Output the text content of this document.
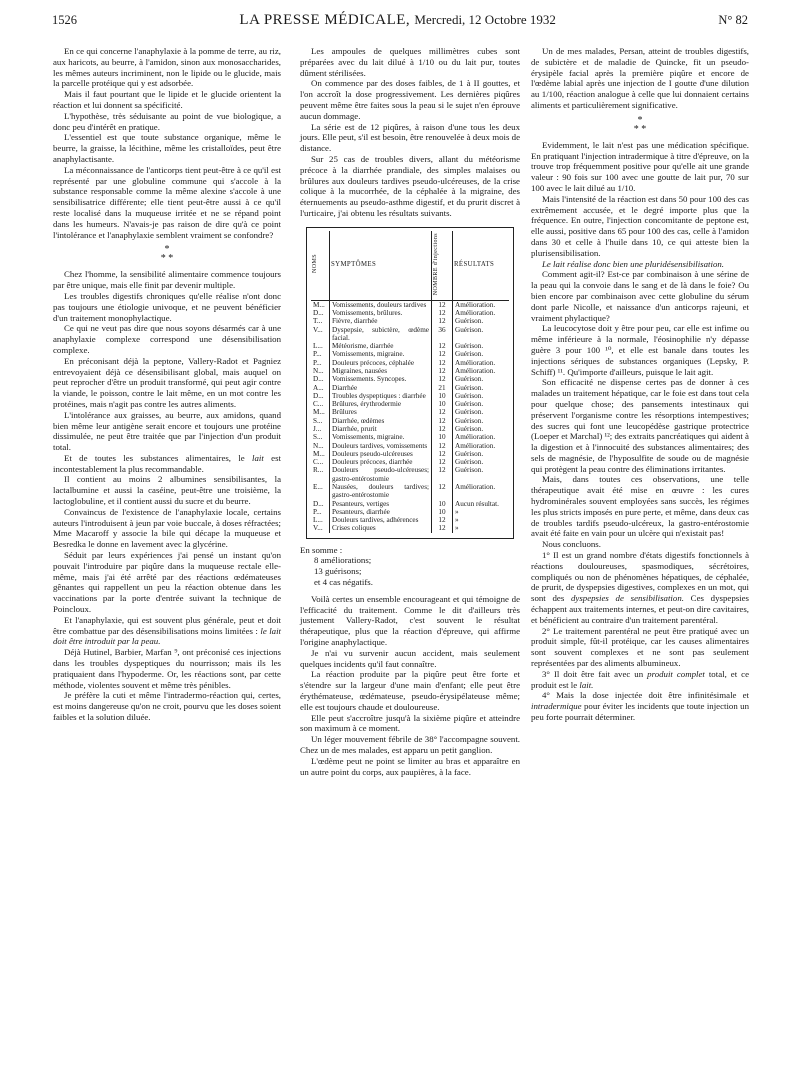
1526	LA PRESSE MÉDICALE, Mercredi, 12 Octobre 1932	N° 82

En ce qui concerne l'anaphylaxie à la pomme de terre, au riz, aux haricots, au beurre, à l'amidon, sinon aux monosaccharides, les mêmes auteurs incriminent, non le lipide ou le glucide, mais la parcelle protéique qui y est adsorbée.

Mais il faut pourtant que le lipide et le glucide orientent la réaction et lui donnent sa spécificité.

L'hypothèse, très séduisante au point de vue biologique, a donc peu d'intérêt en pratique.

L'essentiel est que toute substance organique, même le beurre, la graisse, la lécithine, même les cristalloïdes, peut être anaphylactisante.

La méconnaissance de l'anticorps tient peut-être à ce qu'il est représenté par une globuline commune qui s'accole à la substance responsable comme la même alexine s'accole à une sensibilisatrice différente; elle tient peut-être aussi à ce qu'il reste localisé dans la muqueuse irritée et ne se répand point dans les humeurs. N'avais-je pas raison de dire qu'à ce point l'intolérance et l'anaphylaxie semblent vraiment se confondre?

*
* *

Chez l'homme, la sensibilité alimentaire commence toujours par être unique, mais elle finit par devenir multiple.

Les troubles digestifs chroniques qu'elle réalise n'ont donc pas toujours une étiologie univoque, et ne peuvent bénéficier d'un traitement monophylactique.

Ce qui ne veut pas dire que nous soyons désarmés car à une anaphylaxie complexe correspond une désensibilisation complexe.

En préconisant déjà la peptone, Vallery-Radot et Pagniez entrevoyaient déjà ce désensibilisant global, mais auquel on peut reprocher d'être un produit transformé, qui peut agir contre la viande, le poisson, contre le lait même, en un mot contre les protéines, mais n'agit pas contre les autres aliments.

L'intolérance aux graisses, au beurre, aux amidons, quand bien même leur antigène serait encore et toujours une protéine dissimulée, ne peut être traitée que par l'injection d'un produit total.

Et de toutes les substances alimentaires, le lait est incontestablement la plus recommandable.

Il contient au moins 2 albumines sensibilisantes, la lactalbumine et aussi la caséine, peut-être une troisième, la lactoglobuline, et il contient aussi du sucre et du beurre.

Convaincus de l'existence de l'anaphylaxie locale, certains auteurs l'introduisent à jeun par voie buccale, à doses réfractées; Mme Macaroff y associe la bile qui décape la muqueuse et Besredka le donne en lavement avec la glycérine.

Séduit par leurs expériences j'ai pensé un instant qu'on pouvait l'introduire par piqûre dans la muqueuse rectale elle-même, mais j'ai été arrêté par des réactions œdémateuses gênantes qui rappellent un peu la réaction obtenue dans les vaccinations par la porte d'entrée suivant la technique de Poincloux.

Et l'anaphylaxie, qui est souvent plus générale, peut et doit être combattue par des désensibilisations moins limitées : le lait doit être introduit par la peau.

Déjà Hutinel, Barbier, Marfan ⁹, ont préconisé ces injections dans les troubles dyspeptiques du nourrisson; mais ils les pratiquaient dans l'hypoderme. Or, les réactions sont, par cette méthode, violentes souvent et même très pénibles.

Je préfère la cuti et même l'intradermo-réaction qui, certes, est moins dangereuse qu'on ne croit, pourvu que les doses soient faibles et la solution diluée.

Les ampoules de quelques millimètres cubes sont préparées avec du lait dilué à 1/10 ou du lait pur, toutes dûment stérilisées.

On commence par des doses faibles, de 1 à II gouttes, et l'on accroît la dose progressivement. Les dernières piqûres peuvent même être faites sous la peau si le sujet n'en éprouve aucun dommage.

La série est de 12 piqûres, à raison d'une tous les deux jours. Elle peut, s'il est besoin, être renouvelée à deux mois de distance.

Sur 25 cas de troubles divers, allant du météorisme précoce à la diarrhée prandiale, des simples malaises ou brûlures aux douleurs tardives pseudo-ulcéreuses, de la crise colique à la mucorrhée, de la céphalée à la migraine, des éternuements au pseudo-asthme digestif, et du prurit discret à l'urticaire, j'ai obtenu les résultats suivants.

NOMS	SYMPTÔMES	NOMBRE d'injections	RÉSULTATS
M...	Vomissements, douleurs tardives	12	Amélioration.
D...	Vomissements, brûlures.	12	Amélioration.
T...	Fièvre, diarrhée	12	Guérison.
V...	Dyspepsie, subictère, œdème facial.	36	Guérison.
L...	Météorisme, diarrhée	12	Guérison.
P...	Vomissements, migraine.	12	Guérison.
P...	Douleurs précoces, céphalée	12	Amélioration.
N...	Migraines, nausées	12	Amélioration.
D...	Vomissements. Syncopes.	12	Guérison.
A...	Diarrhée	21	Guérison.
D...	Troubles dyspeptiques : diarrhée	10	Guérison.
C...	Brûlures, érythrodermie	10	Guérison.
M...	Brûlures	12	Guérison.
S...	Diarrhée, œdèmes	12	Guérison.
J...	Diarrhée, prurit	12	Guérison.
S...	Vomissements, migraine.	10	Amélioration.
N...	Douleurs tardives, vomissements	12	Amélioration.
M...	Douleurs pseudo-ulcéreuses	12	Guérison.
C...	Douleurs précoces, diarrhée	12	Guérison.
R...	Douleurs pseudo-ulcéreuses; gastro-entérostomie	12	Guérison.
E...	Nausées, douleurs tardives; gastro-entérostomie	12	Amélioration.
D...	Pesanteurs, vertiges	10	Aucun résultat.
P...	Pesanteurs, diarrhée	10	»
L...	Douleurs tardives, adhérences	12	»
V...	Crises coliques	12	»

En somme :

8 améliorations;
13 guérisons;
et 4 cas négatifs.

Voilà certes un ensemble encourageant et qui témoigne de l'efficacité du traitement. Comme le dit d'ailleurs très justement Vallery-Radot, c'est souvent le résultat thérapeutique, plus que la réaction d'épreuve, qui affirme l'origine anaphylactique.

Je n'ai vu survenir aucun accident, mais seulement quelques incidents qu'il faut connaître.

La réaction produite par la piqûre peut être forte et s'étendre sur la largeur d'une main d'enfant; elle peut être érythémateuse, œdémateuse, pseudo-érysipélateuse même; elle est toujours chaude et douloureuse.

Elle peut s'accroître jusqu'à la sixième piqûre et atteindre son maximum à ce moment.

Un léger mouvement fébrile de 38° l'accompagne souvent. Chez un de mes malades, est apparu un petit ganglion.

L'œdème peut ne point se limiter au bras et apparaître en un autre point du corps, aux paupières, à la face.

Un de mes malades, Persan, atteint de troubles digestifs, de subictère et de maladie de Quincke, fit un pseudo-érysipèle facial après la première piqûre et encore de l'œdème labial après une injection de I goutte d'une dilution au 1/100, réaction analogue à celle que lui donnaient certains aliments et particulièrement significative.

*
* *

Evidemment, le lait n'est pas une médication spécifique. En pratiquant l'injection intradermique à titre d'épreuve, on la trouve trop fréquemment positive pour qu'elle ait une grande valeur : 90 fois sur 100 avec une goutte de lait pur, 70 sur 100 avec le lait dilué au 1/10.

Mais l'intensité de la réaction est dans 50 pour 100 des cas extrêmement accusée, et le degré importe plus que la fréquence. En outre, l'injection concomitante de peptone est, elle aussi, positive dans 65 pour 100 des cas, celle à l'amidon dans 30 et celle à l'huile dans 10, ce qui atteste bien la plurisensibilisation.

Le lait réalise donc bien une pluridésensibilisation.

Comment agit-il? Est-ce par combinaison à une sérine de la peau qui la convoie dans le sang et de là dans le foie? Ou bien encore par combinaison avec cette globuline du sérum dont parle Nicolle, et naissance d'un anticorps rajeuni, et vraiment phylactique?

La leucocytose doit y être pour peu, car elle est infime ou même inférieure à la normale, l'éosinophilie n'y dépasse guère 3 pour 100 ¹⁰, et elle est banale dans toutes les injections sériques de substances organiques (Lepsky, P. Schiff) ¹¹. Qu'importe d'ailleurs, puisque le lait agit.

Son efficacité ne dispense certes pas de donner à ces malades un traitement hépatique, car le foie est dans tout cela pour quelque chose; des pansements intestinaux qui préservent l'organisme contre les résorptions intempestives; des sucres qui font une leucopédèse gastrique protectrice (Loeper et Marchal) ¹²; des extraits pancréatiques qui aident à la digestion et à l'innocuité des substances alimentaires; des sels de magnésie, de l'hyposulfite de soude ou de magnésie qui protègent la peau contre des éliminations irritantes.

Mais, dans toutes ces observations, une telle thérapeutique avait été mise en œuvre : les cures hydrominérales souvent employées sans succès, les régimes les plus stricts imposés en pure perte, et même, dans deux cas de troubles tardifs pseudo-ulcéreux, la gastro-entérostomie avait été faite en vain pour un ulcère qui n'existait pas!

Nous concluons.

1° Il est un grand nombre d'états digestifs fonctionnels à réactions douloureuses, spasmodiques, sécrétoires, compliqués ou non de phénomènes hépatiques, de céphalée, de prurit, de dyspepsies digestives, complexes en un mot, qui sont des dyspepsies de sensibilisation. Ces dyspepsies échappent aux traitements internes, et peut-on dire cavitaires, et bénéficient au contraire d'un traitement parentéral.

2° Le traitement parentéral ne peut être pratiqué avec un produit simple, fût-il protéique, car les causes alimentaires sont souvent complexes et ne sont pas seulement représentées par des aliments albumineux.

3° Il doit être fait avec un produit complet total, et ce produit est le lait.

4° Mais la dose injectée doit être infinitésimale et intradermique pour éviter les incidents que toute injection un peu forte pourrait déterminer.
